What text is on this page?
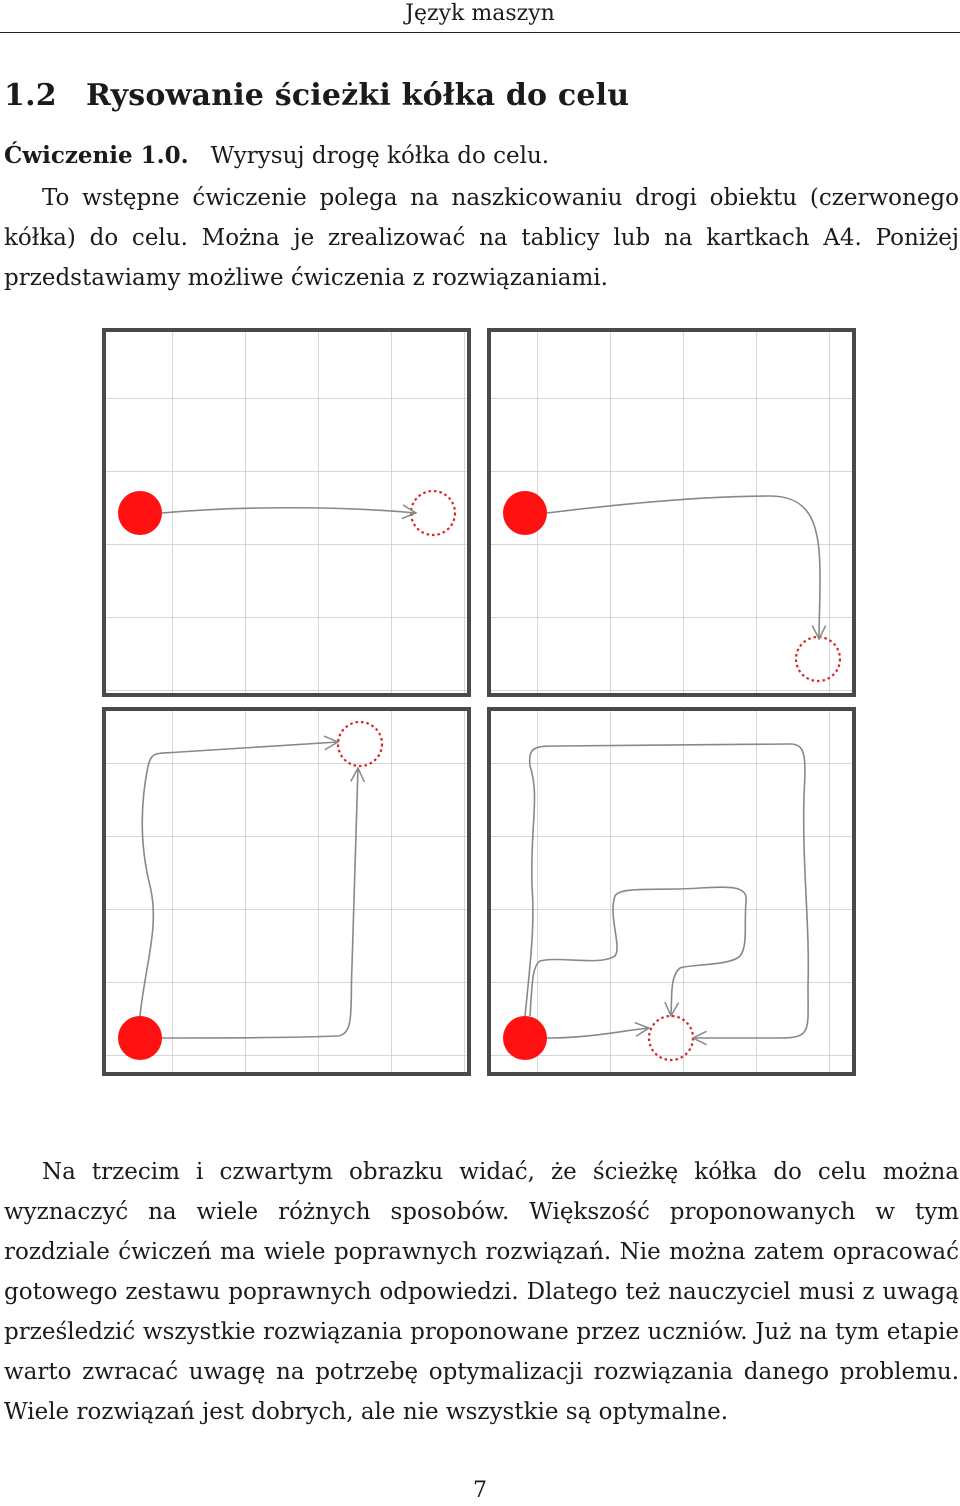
Język maszyn
1.2 Rysowanie ścieżki kółka do celu
Ćwiczenie 1.0. Wyrysuj drogę kółka do celu.
To wstępne ćwiczenie polega na naszkicowaniu drogi obiektu (czerwonego kółka) do celu. Można je zrealizować na tablicy lub na kartkach A4. Poniżej przedstawiamy możliwe ćwiczenia z rozwiązaniami.
Na trzecim i czwartym obrazku widać, że ścieżkę kółka do celu można wyznaczyć na wiele różnych sposobów. Większość proponowanych w tym rozdziale ćwiczeń ma wiele poprawnych rozwiązań. Nie można zatem opracować gotowego zestawu poprawnych odpowiedzi. Dlatego też nauczyciel musi z uwagą prześledzić wszystkie rozwiązania proponowane przez uczniów. Już na tym etapie warto zwracać uwagę na potrzebę optymalizacji rozwiązania danego problemu. Wiele rozwiązań jest dobrych, ale nie wszystkie są optymalne.
7
